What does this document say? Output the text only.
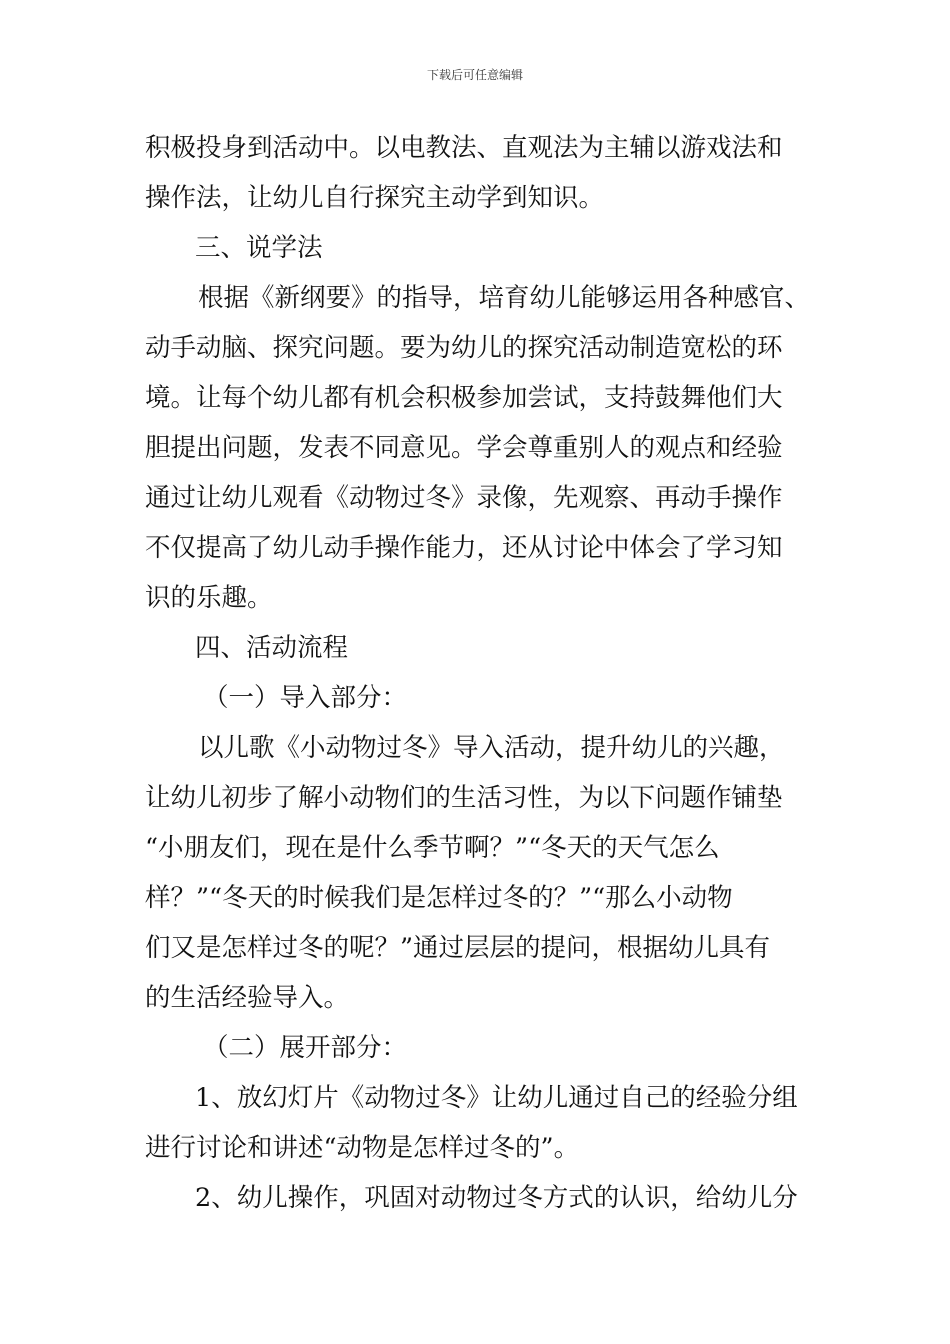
下载后可任意编辑
积极投身到活动中。以电教法、直观法为主辅以游戏法和
操作法，让幼儿自行探究主动学到知识。
三、说学法
根据《新纲要》的指导，培育幼儿能够运用各种感官、
动手动脑、探究问题。要为幼儿的探究活动制造宽松的环
境。让每个幼儿都有机会积极参加尝试，支持鼓舞他们大
胆提出问题，发表不同意见。学会尊重别人的观点和经验
通过让幼儿观看《动物过冬》录像，先观察、再动手操作
不仅提高了幼儿动手操作能力，还从讨论中体会了学习知
识的乐趣。
四、活动流程
（一）导入部分：
以儿歌《小动物过冬》导入活动，提升幼儿的兴趣，
让幼儿初步了解小动物们的生活习性，为以下问题作铺垫
“小朋友们，现在是什么季节啊？”“冬天的天气怎么
样？”“冬天的时候我们是怎样过冬的？”“那么小动物
们又是怎样过冬的呢？”通过层层的提问，根据幼儿具有
的生活经验导入。
（二）展开部分：
1、放幻灯片《动物过冬》让幼儿通过自己的经验分组
进行讨论和讲述“动物是怎样过冬的”。
2、幼儿操作，巩固对动物过冬方式的认识，给幼儿分
